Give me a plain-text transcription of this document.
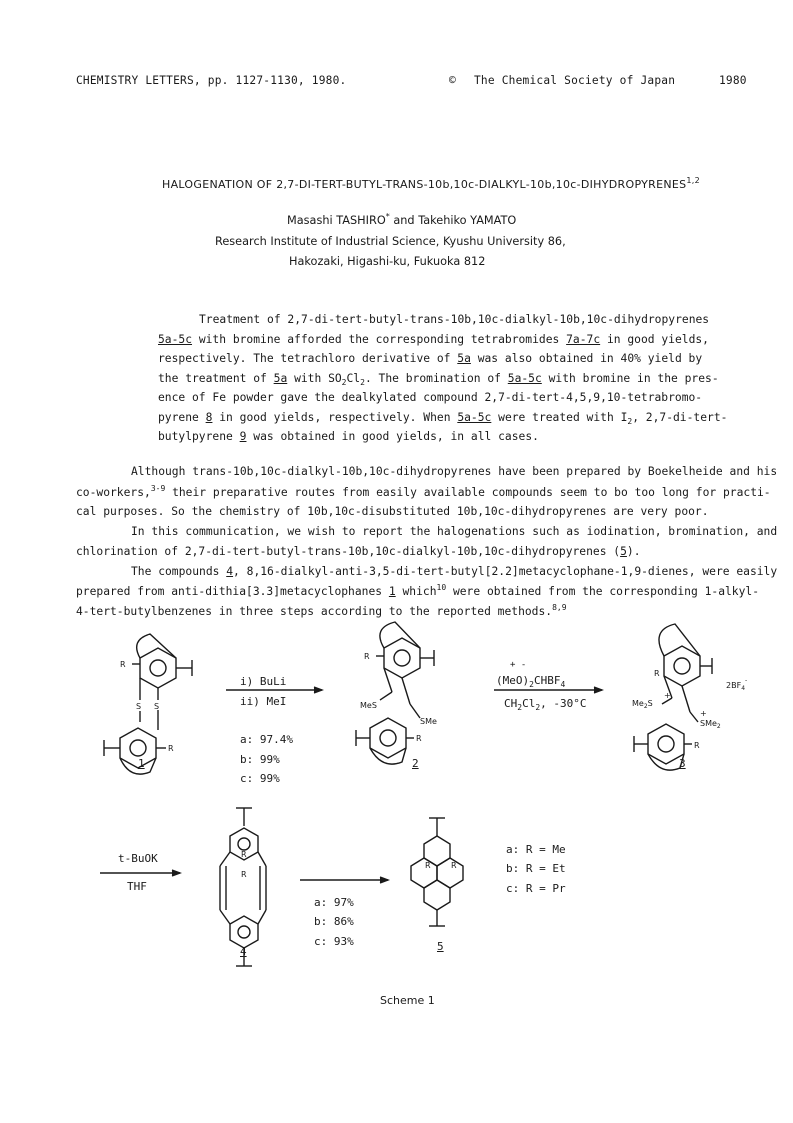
CHEMISTRY LETTERS, pp. 1127-1130, 1980.	© The Chemical Society of Japan	1980
HALOGENATION OF 2,7-DI-TERT-BUTYL-TRANS-10b,10c-DIALKYL-10b,10c-DIHYDROPYRENES$^{1,2}$
Masashi TASHIRO* and Takehiko YAMATO
Research Institute of Industrial Science, Kyushu University 86,
Hakozaki, Higashi-ku, Fukuoka 812
Treatment of 2,7-di-tert-butyl-trans-10b,10c-dialkyl-10b,10c-dihydropyrenes
5a-5c with bromine afforded the corresponding tetrabromides 7a-7c in good yields,
respectively. The tetrachloro derivative of 5a was also obtained in 40% yield by
the treatment of 5a with $SO_2Cl_2$. The bromination of 5a-5c with bromine in the pres-
ence of Fe powder gave the dealkylated compound 2,7-di-tert-4,5,9,10-tetrabromo-
pyrene 8 in good yields, respectively. When 5a-5c were treated with $I_2$, 2,7-di-tert-
butylpyrene 9 was obtained in good yields, in all cases.
Although trans-10b,10c-dialkyl-10b,10c-dihydropyrenes have been prepared by Boekelheide and his
co-workers,$^{3-9}$ their preparative routes from easily available compounds seem to bo too long for practi-
cal purposes. So the chemistry of 10b,10c-disubstituted 10b,10c-dihydropyrenes are very poor.
In this communication, we wish to report the halogenations such as iodination, bromination, and
chlorination of 2,7-di-tert-butyl-trans-10b,10c-dialkyl-10b,10c-dihydropyrenes (5).
The compounds 4, 8,16-dialkyl-anti-3,5-di-tert-butyl[2.2]metacyclophane-1,9-dienes, were easily
prepared from anti-dithia[3.3]metacyclophanes 1 which$^{10}$ were obtained from the corresponding 1-alkyl-
4-tert-butylbenzenes in three steps according to the reported methods.$^{8,9}$
R
S S
R
R
MeS
SMe
R
R
$Me_2S$
+
SMe$_2$
+
R
$2BF_4^-$
R
R
R	R
i) BuLi
ii) MeI
a: 97.4%
b: 99%
c: 99%
+ -
$(MeO)_2CHBF_4$
$CH_2Cl_2$, -30°C
t-BuOK
THF
a: 97%
b: 86%
c: 93%
a: R = Me
b: R = Et
c: R = Pr
1	2	3
4	5
Scheme 1
